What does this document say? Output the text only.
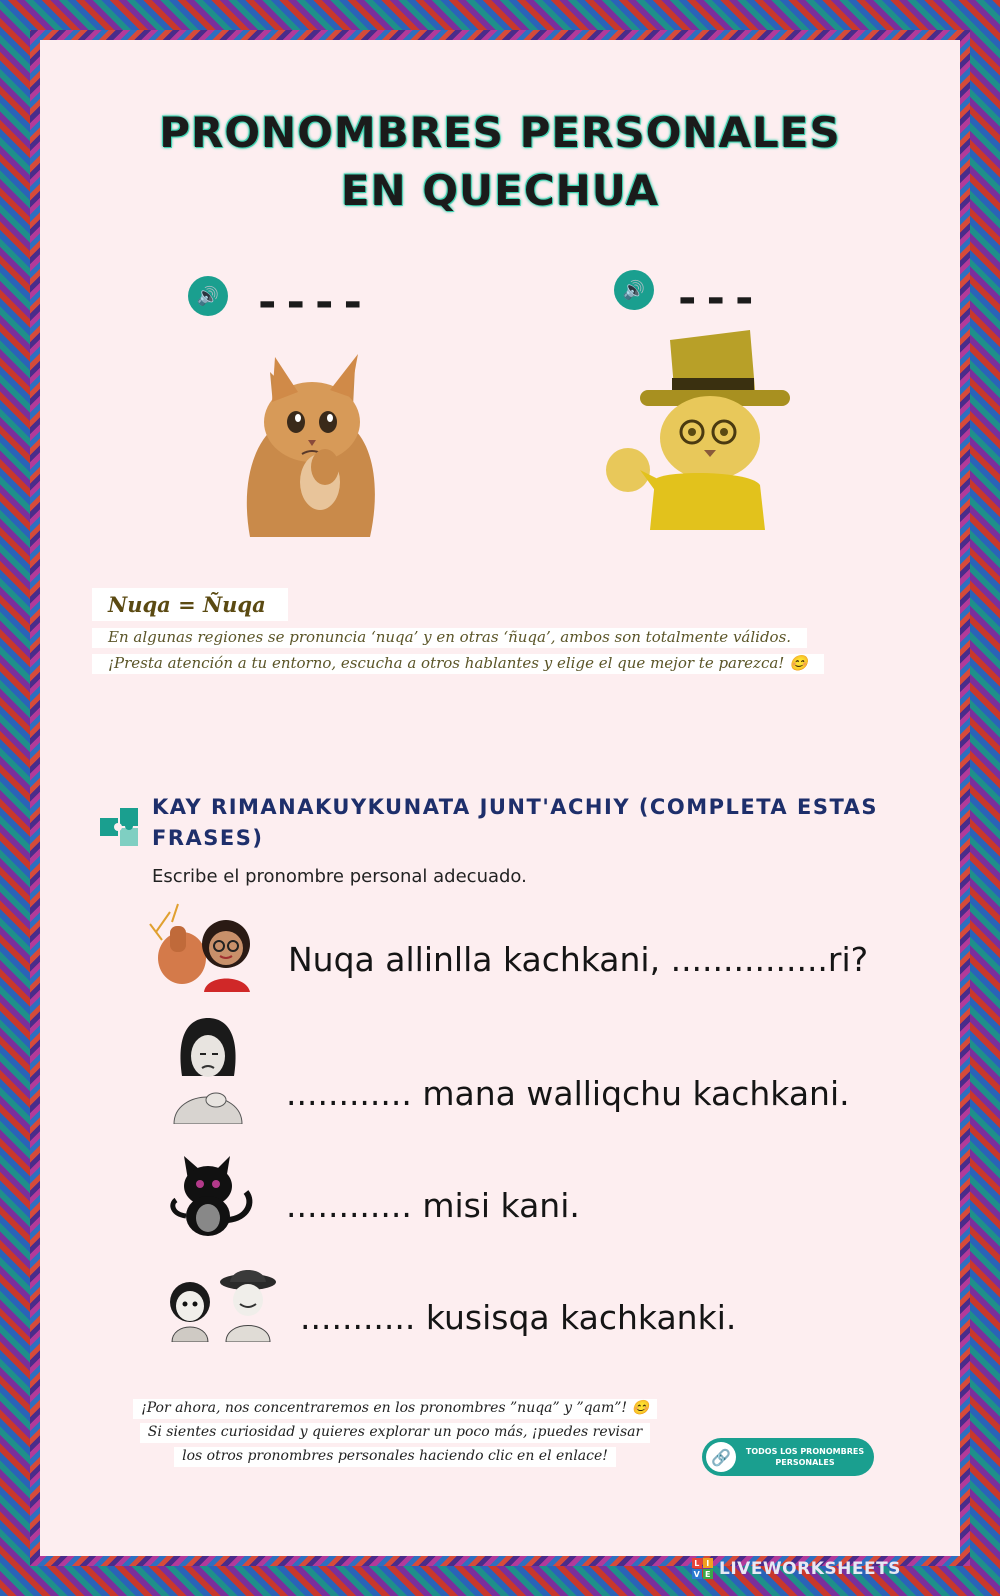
PRONOMBRES PERSONALES
EN QUECHUA
🔊 ----	🔊 ---
Nuqa = Ñuqa
En algunas regiones se pronuncia ‘nuqa’ y en otras ‘ñuqa’, ambos son totalmente válidos. ¡Presta atención a tu entorno, escucha a otros hablantes y elige el que mejor te parezca! 😊
KAY RIMANAKUYKUNATA JUNT'ACHIY (COMPLETA ESTAS FRASES)
Escribe el pronombre personal adecuado.
Nuqa allinlla kachkani, ...............ri?
............ mana walliqchu kachkani.
............ misi kani.
........... kusisqa kachkanki.
¡Por ahora, nos concentraremos en los pronombres ”nuqa” y ”qam”! 😊
Si sientes curiosidad y quieres explorar un poco más, ¡puedes revisar
los otros pronombres personales haciendo clic en el enlace!	🔗	TODOS LOS PRONOMBRES
PERSONALES
L I
V E LIVEWORKSHEETS
